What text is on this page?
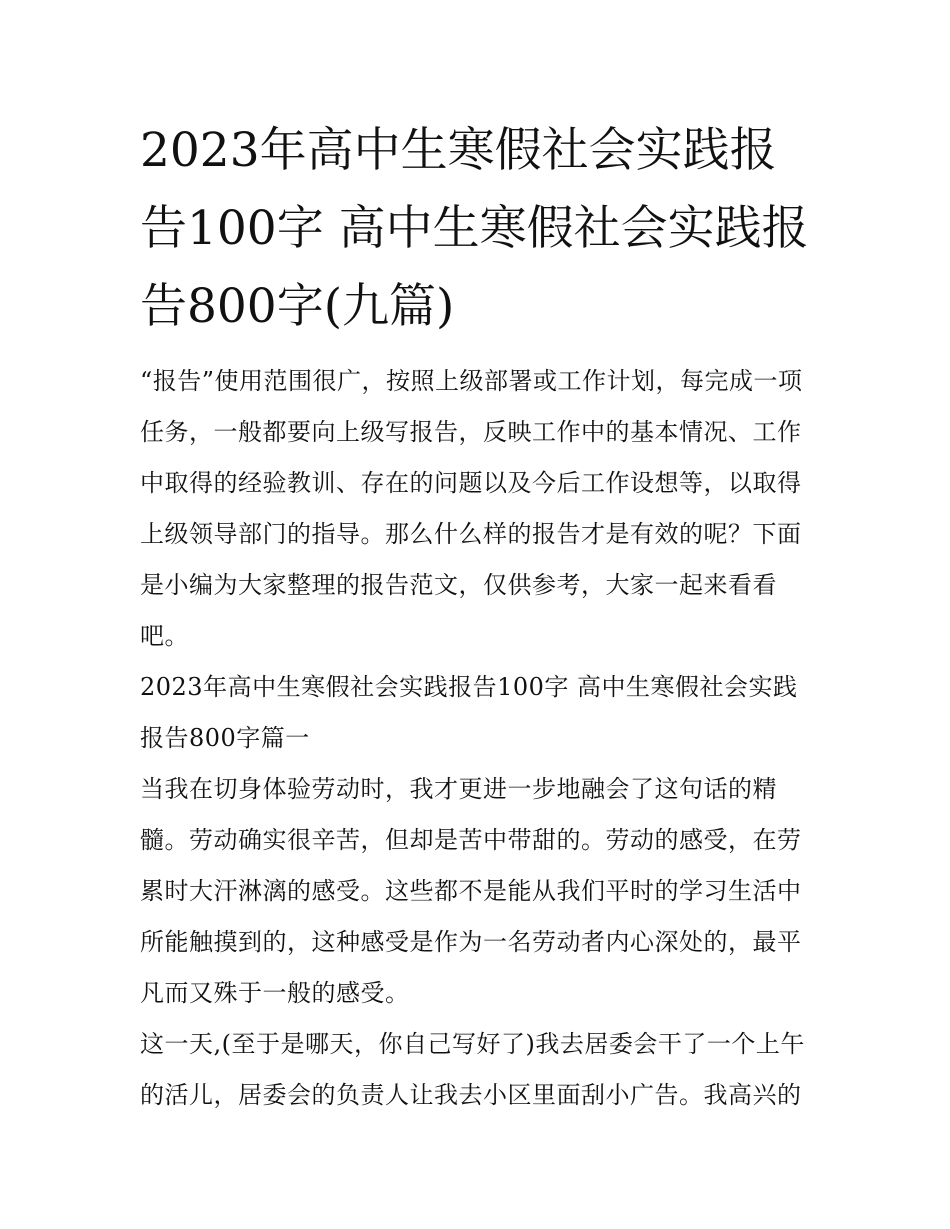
2023年高中生寒假社会实践报告100字 高中生寒假社会实践报告800字(九篇)

“报告”使用范围很广，按照上级部署或工作计划，每完成一项任务，一般都要向上级写报告，反映工作中的基本情况、工作中取得的经验教训、存在的问题以及今后工作设想等，以取得上级领导部门的指导。那么什么样的报告才是有效的呢？下面是小编为大家整理的报告范文，仅供参考，大家一起来看看吧。

2023年高中生寒假社会实践报告100字 高中生寒假社会实践报告800字篇一

当我在切身体验劳动时，我才更进一步地融会了这句话的精髓。劳动确实很辛苦，但却是苦中带甜的。劳动的感受，在劳累时大汗淋漓的感受。这些都不是能从我们平时的学习生活中所能触摸到的，这种感受是作为一名劳动者内心深处的，最平凡而又殊于一般的感受。

这一天,(至于是哪天，你自己写好了)我去居委会干了一个上午的活儿，居委会的负责人让我去小区里面刮小广告。我高兴的
